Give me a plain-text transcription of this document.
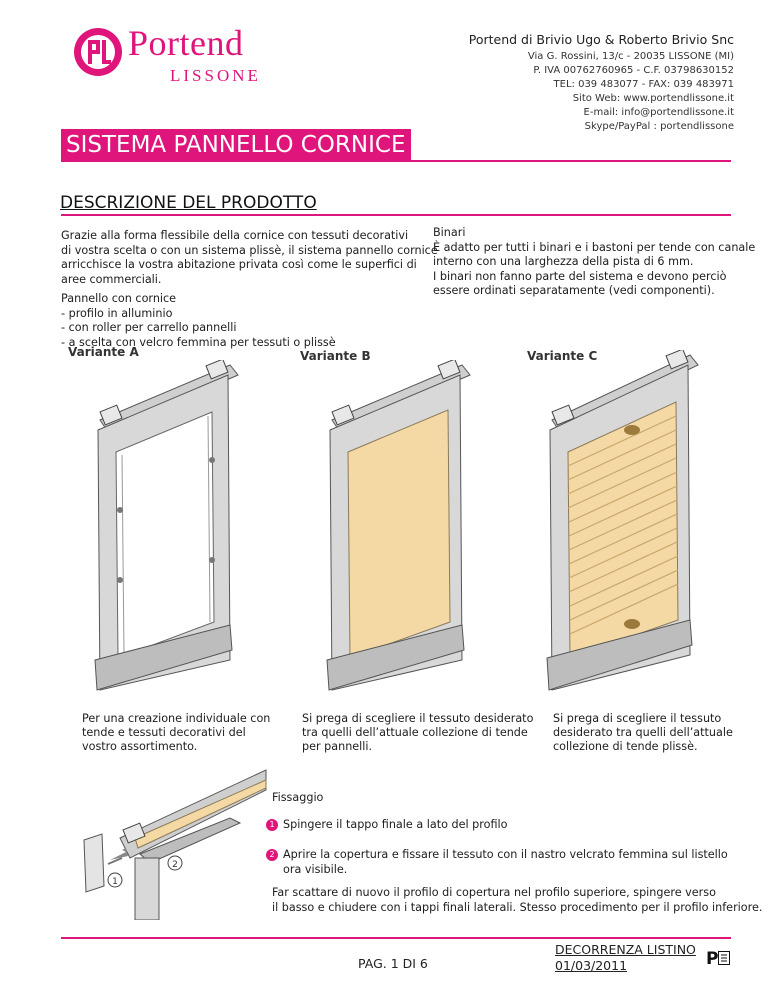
Portend
LISSONE
Portend di Brivio Ugo & Roberto Brivio Snc
Via G. Rossini, 13/c - 20035 LISSONE (MI)
P. IVA 00762760965 - C.F. 03798630152
TEL: 039 483077 - FAX: 039 483971
Sito Web: www.portendlissone.it
E-mail: info@portendlissone.it
Skype/PayPal : portendlissone
SISTEMA PANNELLO CORNICE
DESCRIZIONE DEL PRODOTTO
Grazie alla forma flessibile della cornice con tessuti decorativi
di vostra scelta o con un sistema plissè, il sistema pannello cornice
arricchisce la vostra abitazione privata così come le superfici di
aree commerciali.
Pannello con cornice
- profilo in alluminio
- con roller per carrello pannelli
- a scelta con velcro femmina per tessuti o plissè
Binari
È adatto per tutti i binari e i bastoni per tende con canale
interno con una larghezza della pista di 6 mm.
I binari non fanno parte del sistema e devono perciò
essere ordinati separatamente (vedi componenti).
Variante A	Variante B	Variante C
Per una creazione individuale con
tende e tessuti decorativi del
vostro assortimento.
Si prega di scegliere il tessuto desiderato
tra quelli dell’attuale collezione di tende
per pannelli.
Si prega di scegliere il tessuto
desiderato tra quelli dell’attuale
collezione di tende plissè.
2
1
Fissaggio
1 Spingere il tappo finale a lato del profilo
2 Aprire la copertura e fissare il tessuto con il nastro velcrato femmina sul listello
ora visibile.
Far scattare di nuovo il profilo di copertura nel profilo superiore, spingere verso
il basso e chiudere con i tappi finali laterali. Stesso procedimento per il profilo inferiore.
PAG. 1 DI 6
DECORRENZA LISTINO
01/03/2011	P
